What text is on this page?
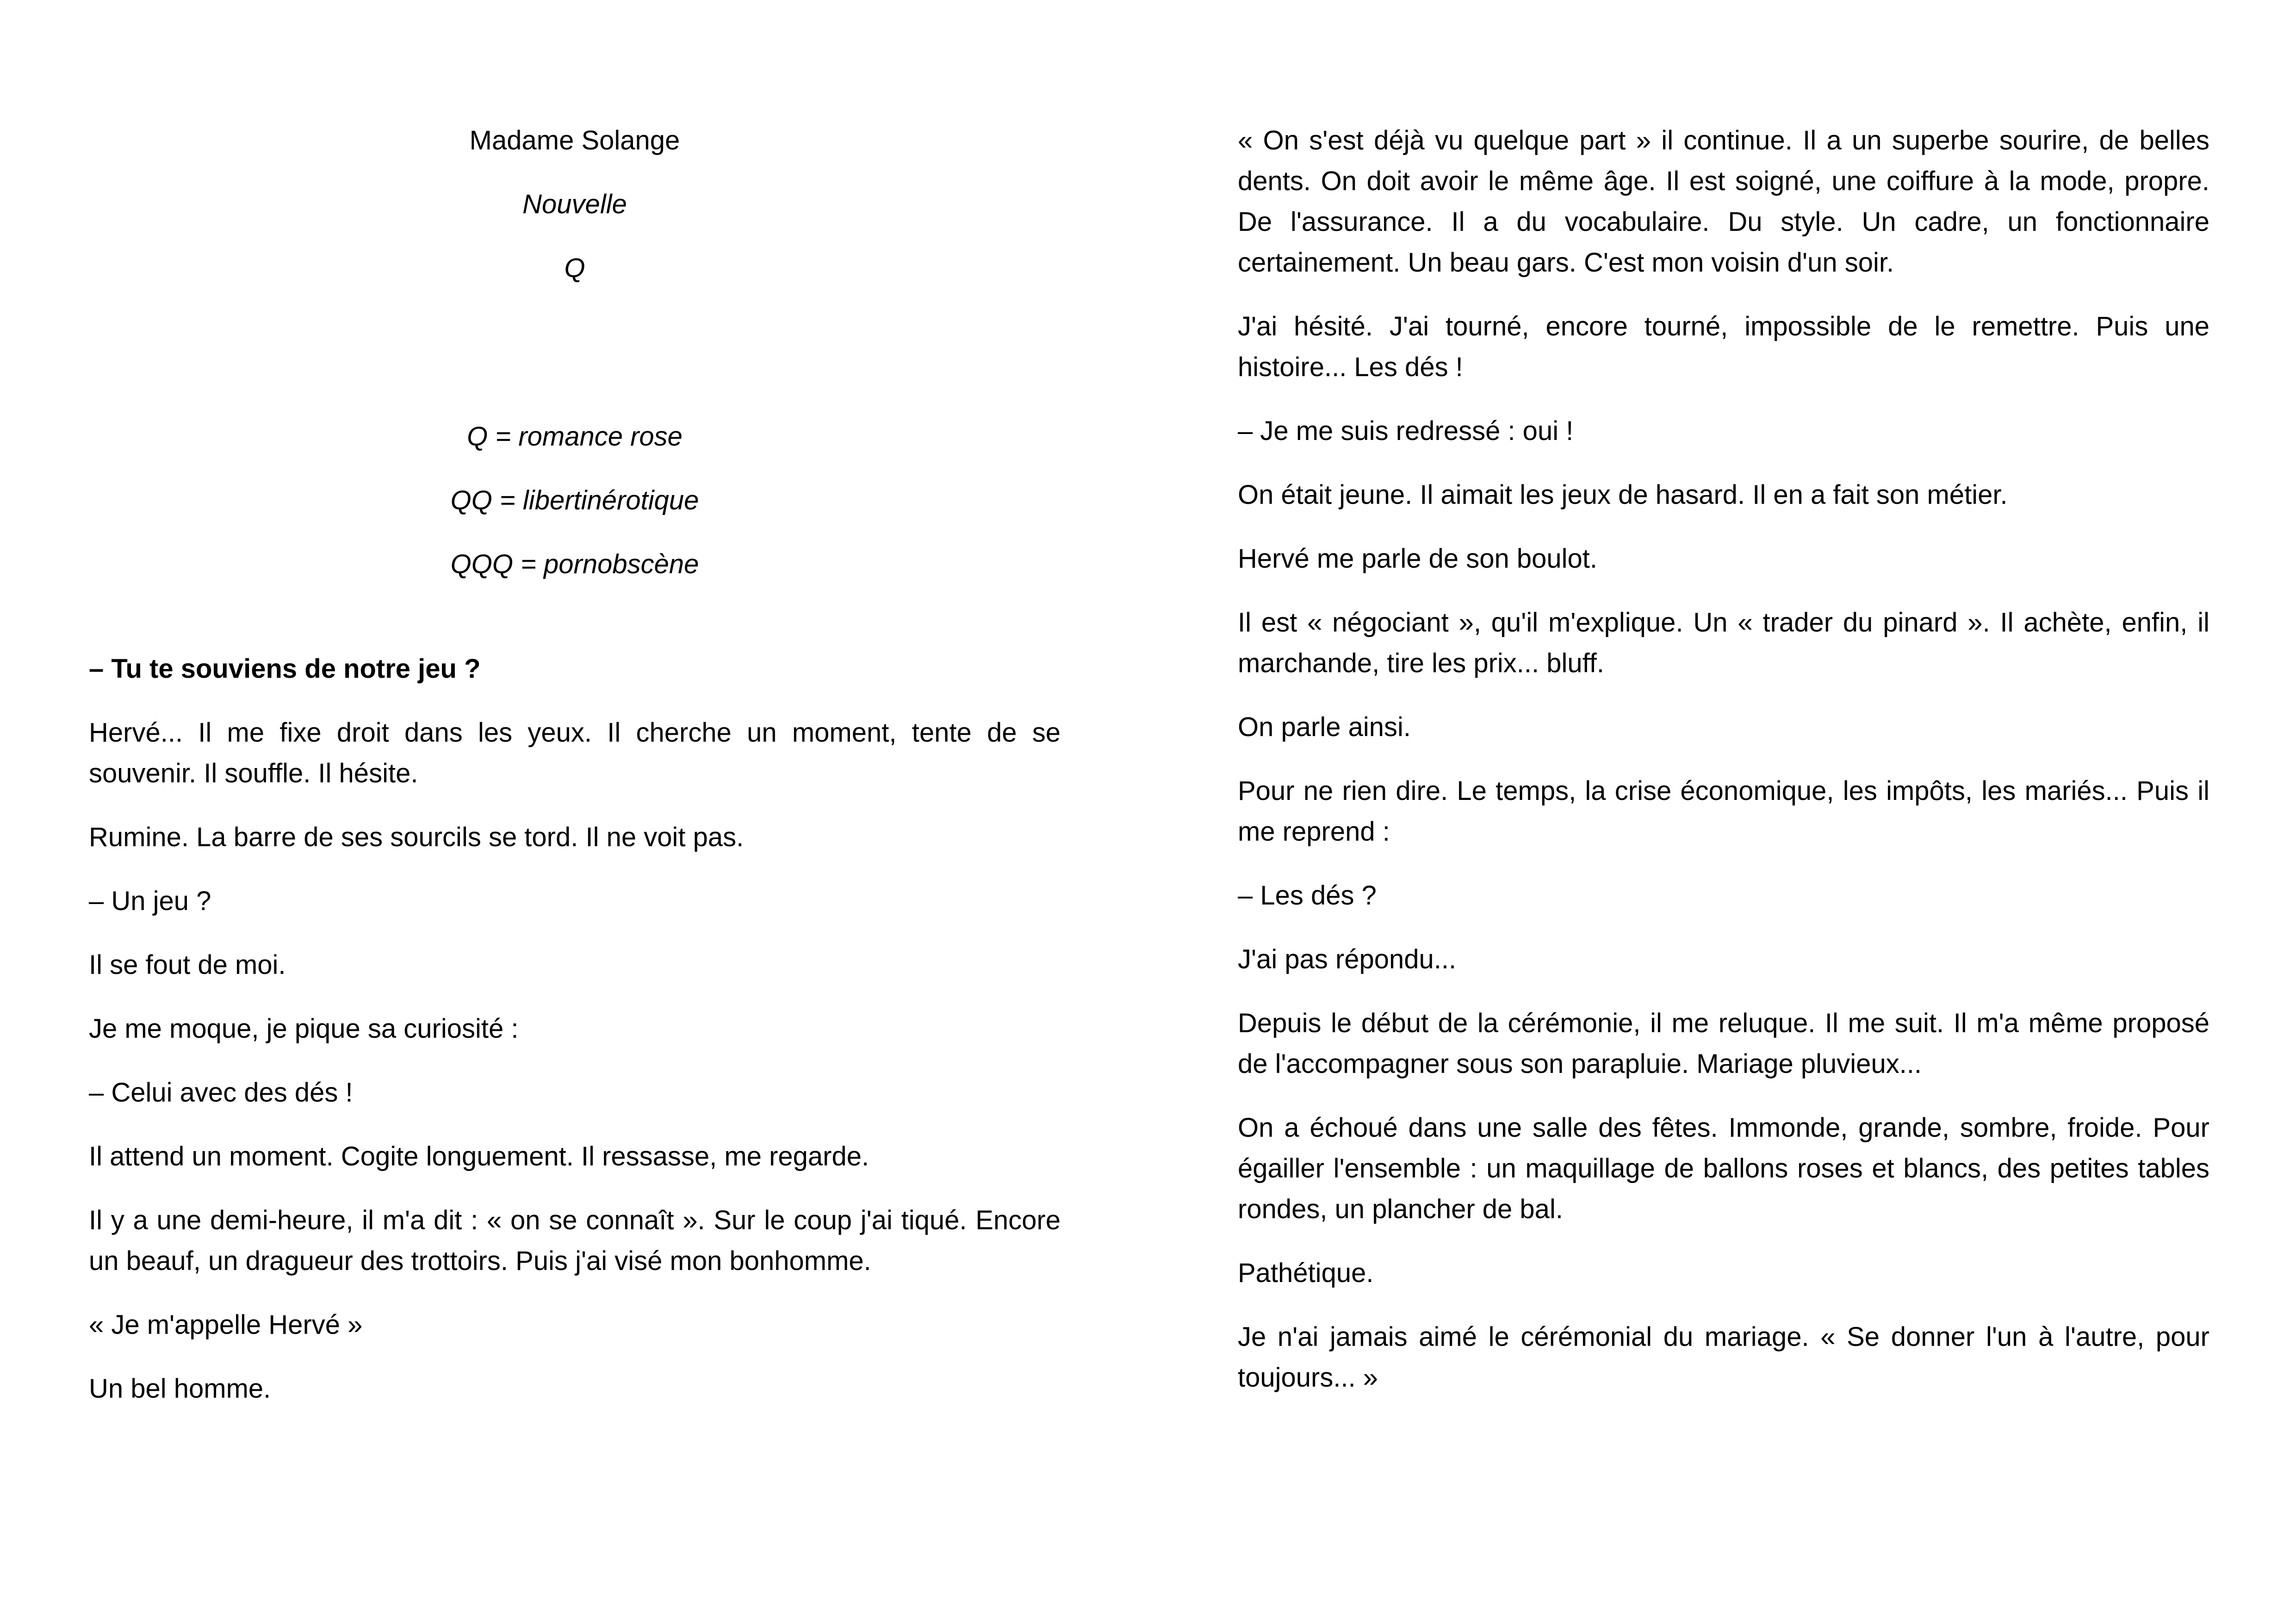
Madame Solange

Nouvelle

Q

Q = romance rose

QQ = libertinérotique

QQQ = pornobscène

– Tu te souviens de notre jeu ?

Hervé... Il me fixe droit dans les yeux. Il cherche un moment, tente de se souvenir. Il souffle. Il hésite.

Rumine. La barre de ses sourcils se tord. Il ne voit pas.

– Un jeu ?

Il se fout de moi.

Je me moque, je pique sa curiosité :

– Celui avec des dés !

Il attend un moment. Cogite longuement. Il ressasse, me regarde.

Il y a une demi-heure, il m'a dit : « on se connaît ». Sur le coup j'ai tiqué. Encore un beauf, un dragueur des trottoirs. Puis j'ai visé mon bonhomme.

« Je m'appelle Hervé »

Un bel homme.

« On s'est déjà vu quelque part » il continue. Il a un superbe sourire, de belles dents. On doit avoir le même âge. Il est soigné, une coiffure à la mode, propre. De l'assurance. Il a du vocabulaire. Du style. Un cadre, un fonctionnaire certainement. Un beau gars. C'est mon voisin d'un soir.

J'ai hésité. J'ai tourné, encore tourné, impossible de le remettre. Puis une histoire... Les dés !

– Je me suis redressé : oui !

On était jeune. Il aimait les jeux de hasard. Il en a fait son métier.

Hervé me parle de son boulot.

Il est « négociant », qu'il m'explique. Un « trader du pinard ». Il achète, enfin, il marchande, tire les prix... bluff.

On parle ainsi.

Pour ne rien dire. Le temps, la crise économique, les impôts, les mariés... Puis il me reprend :

– Les dés ?

J'ai pas répondu...

Depuis le début de la cérémonie, il me reluque. Il me suit. Il m'a même proposé de l'accompagner sous son parapluie. Mariage pluvieux...

On a échoué dans une salle des fêtes. Immonde, grande, sombre, froide. Pour égailler l'ensemble : un maquillage de ballons roses et blancs, des petites tables rondes, un plancher de bal.

Pathétique.

Je n'ai jamais aimé le cérémonial du mariage. « Se donner l'un à l'autre, pour toujours... »
